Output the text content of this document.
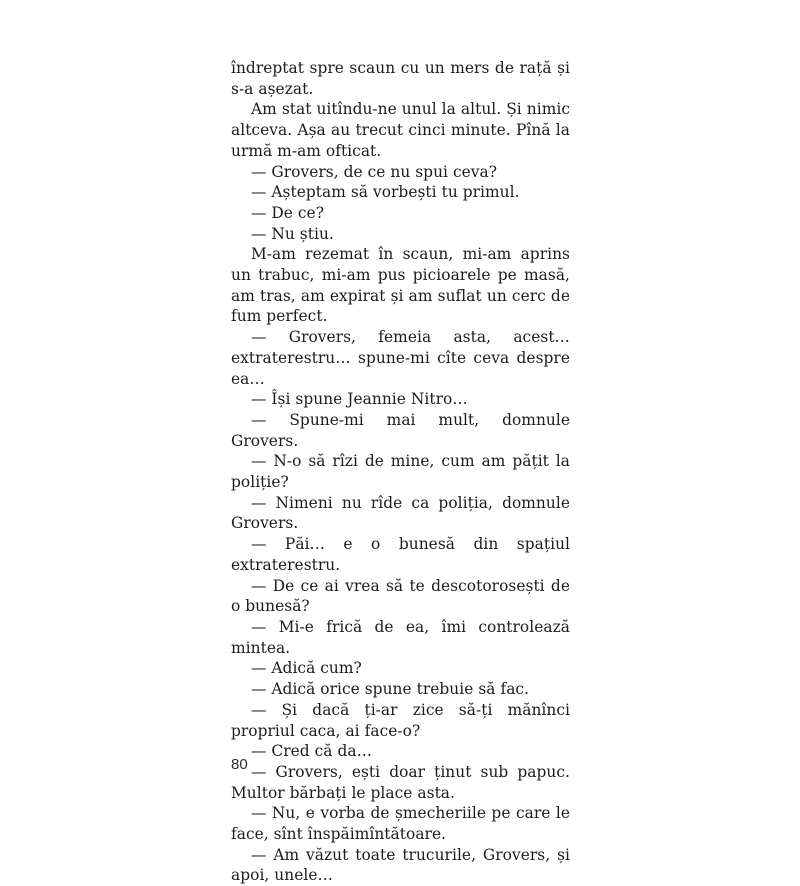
îndreptat spre scaun cu un mers de rață și s-a așezat.

Am stat uitîndu-ne unul la altul. Și nimic altceva. Așa au trecut cinci minute. Pînă la urmă m-am ofticat.

— Grovers, de ce nu spui ceva?

— Așteptam să vorbești tu primul.

— De ce?

— Nu știu.

M-am rezemat în scaun, mi-am aprins un trabuc, mi-am pus picioarele pe masă, am tras, am expirat și am suflat un cerc de fum perfect.

— Grovers, femeia asta, acest… extraterestru… spune-mi cîte ceva despre ea…

— Își spune Jeannie Nitro…

— Spune-mi mai mult, domnule Grovers.

— N-o să rîzi de mine, cum am pățit la poliție?

— Nimeni nu rîde ca poliția, domnule Grovers.

— Păi… e o bunesă din spațiul extraterestru.

— De ce ai vrea să te descotorosești de o bunesă?

— Mi-e frică de ea, îmi controlează mintea.

— Adică cum?

— Adică orice spune trebuie să fac.

— Și dacă ți-ar zice să-ți mănînci propriul caca, ai face-o?

— Cred că da…

— Grovers, ești doar ținut sub papuc. Multor bărbați le place asta.

— Nu, e vorba de șmecheriile pe care le face, sînt înspăimîntătoare.

— Am văzut toate trucurile, Grovers, și apoi, unele…

80
